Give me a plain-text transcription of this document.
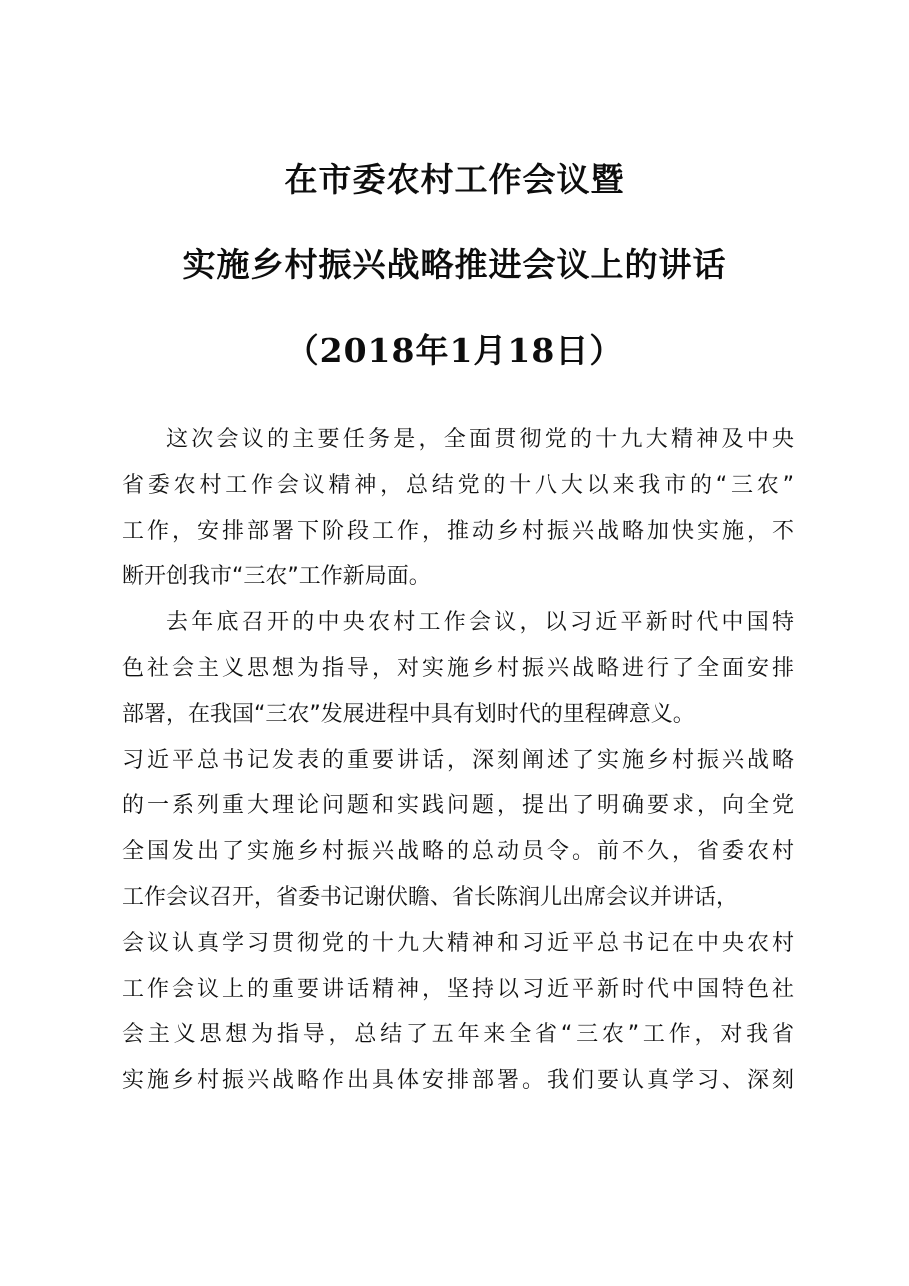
在市委农村工作会议暨
实施乡村振兴战略推进会议上的讲话
（2018年1月18日）
这次会议的主要任务是，全面贯彻党的十九大精神及中央
省委农村工作会议精神，总结党的十八大以来我市的“三农”
工作，安排部署下阶段工作，推动乡村振兴战略加快实施，不
断开创我市“三农”工作新局面。
去年底召开的中央农村工作会议，以习近平新时代中国特
色社会主义思想为指导，对实施乡村振兴战略进行了全面安排
部署，在我国“三农”发展进程中具有划时代的里程碑意义。
习近平总书记发表的重要讲话，深刻阐述了实施乡村振兴战略
的一系列重大理论问题和实践问题，提出了明确要求，向全党
全国发出了实施乡村振兴战略的总动员令。前不久，省委农村
工作会议召开，省委书记谢伏瞻、省长陈润儿出席会议并讲话，
会议认真学习贯彻党的十九大精神和习近平总书记在中央农村
工作会议上的重要讲话精神，坚持以习近平新时代中国特色社
会主义思想为指导，总结了五年来全省“三农”工作，对我省
实施乡村振兴战略作出具体安排部署。我们要认真学习、深刻
